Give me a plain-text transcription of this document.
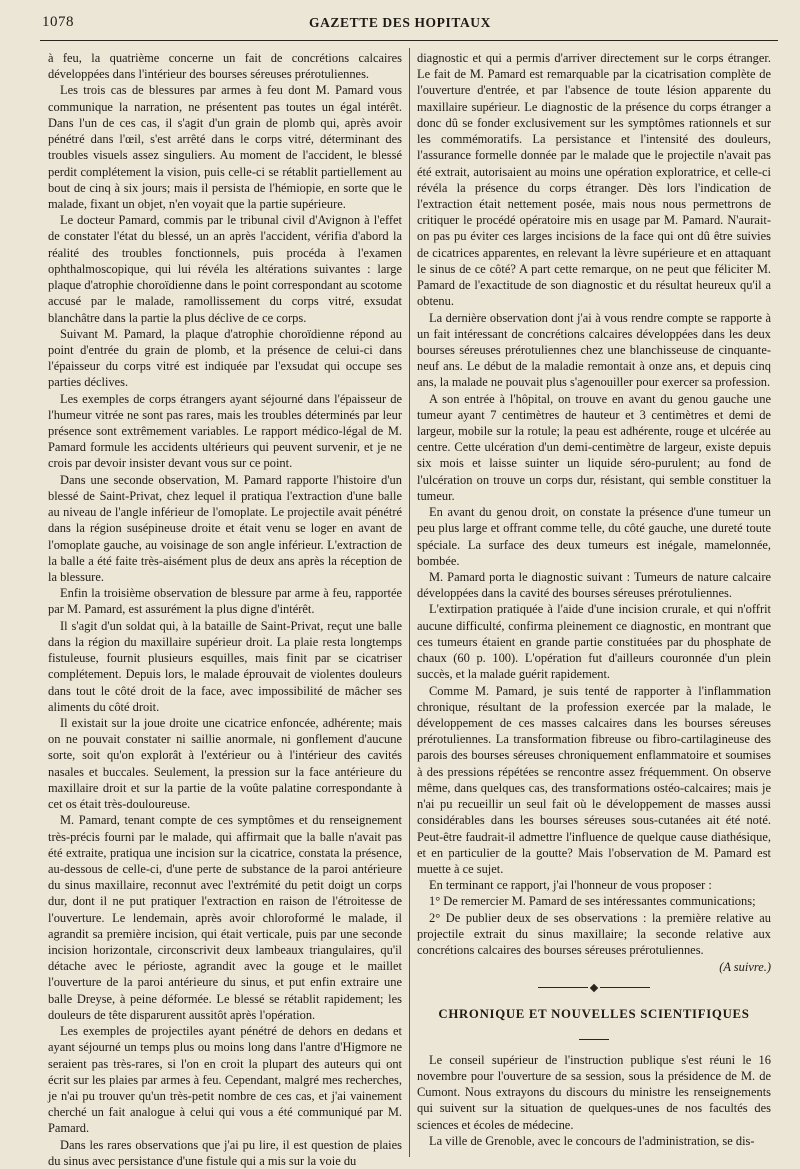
1078	GAZETTE DES HOPITAUX

à feu, la quatrième concerne un fait de concrétions calcaires développées dans l'intérieur des bourses séreuses prérotuliennes.

Les trois cas de blessures par armes à feu dont M. Pamard vous communique la narration, ne présentent pas toutes un égal intérêt. Dans l'un de ces cas, il s'agit d'un grain de plomb qui, après avoir pénétré dans l'œil, s'est arrêté dans le corps vitré, déterminant des troubles visuels assez singuliers. Au moment de l'accident, le blessé perdit complétement la vision, puis celle-ci se rétablit partiellement au bout de cinq à six jours; mais il persista de l'hémiopie, en sorte que le malade, fixant un objet, n'en voyait que la partie supérieure.

Le docteur Pamard, commis par le tribunal civil d'Avignon à l'effet de constater l'état du blessé, un an après l'accident, vérifia d'abord la réalité des troubles fonctionnels, puis procéda à l'examen ophthalmoscopique, qui lui révéla les altérations suivantes : large plaque d'atrophie choroïdienne dans le point correspondant au scotome accusé par le malade, ramollissement du corps vitré, exsudat blanchâtre dans la partie la plus déclive de ce corps.

Suivant M. Pamard, la plaque d'atrophie choroïdienne répond au point d'entrée du grain de plomb, et la présence de celui-ci dans l'épaisseur du corps vitré est indiquée par l'exsudat qui occupe ses parties déclives.

Les exemples de corps étrangers ayant séjourné dans l'épaisseur de l'humeur vitrée ne sont pas rares, mais les troubles déterminés par leur présence sont extrêmement variables. Le rapport médico-légal de M. Pamard formule les accidents ultérieurs qui peuvent survenir, et je ne crois par devoir insister devant vous sur ce point.

Dans une seconde observation, M. Pamard rapporte l'histoire d'un blessé de Saint-Privat, chez lequel il pratiqua l'extraction d'une balle au niveau de l'angle inférieur de l'omoplate. Le projectile avait pénétré dans la région susépineuse droite et était venu se loger en avant de l'omoplate gauche, au voisinage de son angle inférieur. L'extraction de la balle a été faite très-aisément plus de deux ans après la réception de la blessure.

Enfin la troisième observation de blessure par arme à feu, rapportée par M. Pamard, est assurément la plus digne d'intérêt.

Il s'agit d'un soldat qui, à la bataille de Saint-Privat, reçut une balle dans la région du maxillaire supérieur droit. La plaie resta longtemps fistuleuse, fournit plusieurs esquilles, mais finit par se cicatriser complétement. Depuis lors, le malade éprouvait de violentes douleurs dans tout le côté droit de la face, avec impossibilité de mâcher ses aliments du côté droit.

Il existait sur la joue droite une cicatrice enfoncée, adhérente; mais on ne pouvait constater ni saillie anormale, ni gonflement d'aucune sorte, soit qu'on explorât à l'extérieur ou à l'intérieur des cavités nasales et buccales. Seulement, la pression sur la face antérieure du maxillaire droit et sur la partie de la voûte palatine correspondante à cet os était très-douloureuse.

M. Pamard, tenant compte de ces symptômes et du renseignement très-précis fourni par le malade, qui affirmait que la balle n'avait pas été extraite, pratiqua une incision sur la cicatrice, constata la présence, au-dessous de celle-ci, d'une perte de substance de la paroi antérieure du sinus maxillaire, reconnut avec l'extrémité du petit doigt un corps dur, dont il ne put pratiquer l'extraction en raison de l'étroitesse de l'ouverture. Le lendemain, après avoir chloroformé le malade, il agrandit sa première incision, qui était verticale, puis par une seconde incision horizontale, circonscrivit deux lambeaux triangulaires, qu'il détache avec le périoste, agrandit avec la gouge et le maillet l'ouverture de la paroi antérieure du sinus, et put enfin extraire une balle Dreyse, à peine déformée. Le blessé se rétablit rapidement; les douleurs de tête disparurent aussitôt après l'opération.

Les exemples de projectiles ayant pénétré de dehors en dedans et ayant séjourné un temps plus ou moins long dans l'antre d'Higmore ne seraient pas très-rares, si l'on en croit la plupart des auteurs qui ont écrit sur les plaies par armes à feu. Cependant, malgré mes recherches, je n'ai pu trouver qu'un très-petit nombre de ces cas, et j'ai vainement cherché un fait analogue à celui qui vous a été communiqué par M. Pamard.

Dans les rares observations que j'ai pu lire, il est question de plaies du sinus avec persistance d'une fistule qui a mis sur la voie du

diagnostic et qui a permis d'arriver directement sur le corps étranger. Le fait de M. Pamard est remarquable par la cicatrisation complète de l'ouverture d'entrée, et par l'absence de toute lésion apparente du maxillaire supérieur. Le diagnostic de la présence du corps étranger a donc dû se fonder exclusivement sur les symptômes rationnels et sur les commémoratifs. La persistance et l'intensité des douleurs, l'assurance formelle donnée par le malade que le projectile n'avait pas été extrait, autorisaient au moins une opération exploratrice, et celle-ci révéla la présence du corps étranger. Dès lors l'indication de l'extraction était nettement posée, mais nous nous permettrons de critiquer le procédé opératoire mis en usage par M. Pamard. N'aurait-on pas pu éviter ces larges incisions de la face qui ont dû être suivies de cicatrices apparentes, en relevant la lèvre supérieure et en attaquant le sinus de ce côté? A part cette remarque, on ne peut que féliciter M. Pamard de l'exactitude de son diagnostic et du résultat heureux qu'il a obtenu.

La dernière observation dont j'ai à vous rendre compte se rapporte à un fait intéressant de concrétions calcaires développées dans les deux bourses séreuses prérotuliennes chez une blanchisseuse de cinquante-neuf ans. Le début de la maladie remontait à onze ans, et depuis cinq ans, la malade ne pouvait plus s'agenouiller pour exercer sa profession.

A son entrée à l'hôpital, on trouve en avant du genou gauche une tumeur ayant 7 centimètres de hauteur et 3 centimètres et demi de largeur, mobile sur la rotule; la peau est adhérente, rouge et ulcérée au centre. Cette ulcération d'un demi-centimètre de largeur, existe depuis six mois et laisse suinter un liquide séro-purulent; au fond de l'ulcération on trouve un corps dur, résistant, qui semble constituer la tumeur.

En avant du genou droit, on constate la présence d'une tumeur un peu plus large et offrant comme telle, du côté gauche, une dureté toute spéciale. La surface des deux tumeurs est inégale, mamelonnée, bombée.

M. Pamard porta le diagnostic suivant : Tumeurs de nature calcaire développées dans la cavité des bourses séreuses prérotuliennes.

L'extirpation pratiquée à l'aide d'une incision crurale, et qui n'offrit aucune difficulté, confirma pleinement ce diagnostic, en montrant que ces tumeurs étaient en grande partie constituées par du phosphate de chaux (60 p. 100). L'opération fut d'ailleurs couronnée d'un plein succès, et la malade guérit rapidement.

Comme M. Pamard, je suis tenté de rapporter à l'inflammation chronique, résultant de la profession exercée par la malade, le développement de ces masses calcaires dans les bourses séreuses prérotuliennes. La transformation fibreuse ou fibro-cartilagineuse des parois des bourses séreuses chroniquement enflammatoire et soumises à des pressions répétées se rencontre assez fréquemment. On observe même, dans quelques cas, des transformations ostéo-calcaires; mais je n'ai pu recueillir un seul fait où le développement de masses aussi considérables dans les bourses séreuses sous-cutanées ait été noté. Peut-être faudrait-il admettre l'influence de quelque cause diathésique, et en particulier de la goutte? Mais l'observation de M. Pamard est muette à ce sujet.

En terminant ce rapport, j'ai l'honneur de vous proposer :

1° De remercier M. Pamard de ses intéressantes communications;

2° De publier deux de ses observations : la première relative au projectile extrait du sinus maxillaire; la seconde relative aux concrétions calcaires des bourses séreuses prérotuliennes.

(A suivre.)

CHRONIQUE ET NOUVELLES SCIENTIFIQUES

Le conseil supérieur de l'instruction publique s'est réuni le 16 novembre pour l'ouverture de sa session, sous la présidence de M. de Cumont. Nous extrayons du discours du ministre les renseignements qui suivent sur la situation de quelques-unes de nos facultés des sciences et écoles de médecine.

La ville de Grenoble, avec le concours de l'administration, se dis-
